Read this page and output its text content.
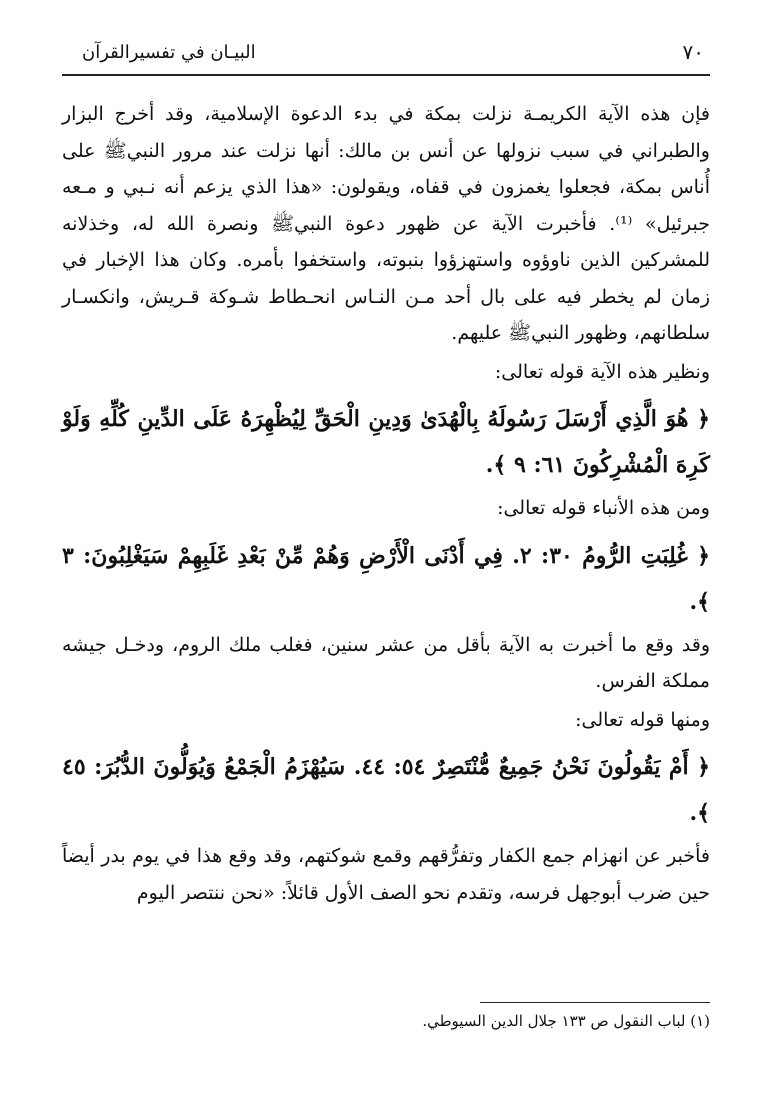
٧٠
البيـان في تفسيرالقرآن

فإن هذه الآية الكريمـة نزلت بمكة في بدء الدعوة الإسلامية، وقد أخرج البزار والطبراني في سبب نزولها عن أنس بن مالك: أنها نزلت عند مرور النبيﷺ على أُناس بمكة، فجعلوا يغمزون في قفاه، ويقولون: «هذا الذي يزعم أنه نـبي و مـعه جبرئيل» ⁽¹⁾. فأخبرت الآية عن ظهور دعوة النبيﷺ ونصرة الله له، وخذلانه للمشركين الذين ناوؤوه واستهزؤوا بنبوته، واستخفوا بأمره. وكان هذا الإخبار في زمان لم يخطر فيه على بال أحد مـن النـاس انحـطاط شـوكة قـريش، وانكسـار سلطانهم، وظهور النبيﷺ عليهم.

ونظير هذه الآية قوله تعالى:

﴿ هُوَ الَّذِي أَرْسَلَ رَسُولَهُ بِالْهُدَىٰ وَدِينِ الْحَقِّ لِيُظْهِرَهُ عَلَى الدِّينِ كُلِّهِ وَلَوْ كَرِهَ الْمُشْرِكُونَ ٦١: ٩ ﴾.

ومن هذه الأنباء قوله تعالى:

﴿ غُلِبَتِ الرُّومُ ٣٠: ٢. فِي أَدْنَى الْأَرْضِ وَهُمْ مِّنْ بَعْدِ غَلَبِهِمْ سَيَغْلِبُونَ: ٣ ﴾.

وقد وقع ما أخبرت به الآية بأقل من عشر سنين، فغلب ملك الروم، ودخـل جيشه مملكة الفرس.

ومنها قوله تعالى:

﴿ أَمْ يَقُولُونَ نَحْنُ جَمِيعٌ مُّنْتَصِرٌ ٥٤: ٤٤. سَيُهْزَمُ الْجَمْعُ وَيُوَلُّونَ الدُّبُرَ: ٤٥ ﴾.

فأخبر عن انهزام جمع الكفار وتفرُّقهم وقمع شوكتهم، وقد وقع هذا في يوم بدر أيضاً حين ضرب أبوجهل فرسه، وتقدم نحو الصف الأول قائلاً: «نحن ننتصر اليوم

(١) لباب النقول ص ١٣٣ جلال الدين السيوطي.
